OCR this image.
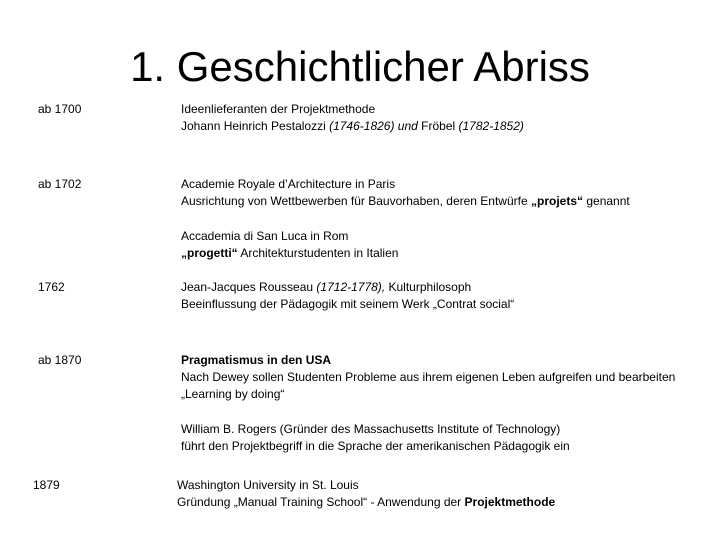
1. Geschichtlicher Abriss
ab 1700	Ideenlieferanten der Projektmethode
Johann Heinrich Pestalozzi (1746-1826) und Fröbel (1782-1852)
ab 1702	Academie Royale d’Architecture in Paris
Ausrichtung von Wettbewerben für Bauvorhaben, deren Entwürfe „projets“ genannt
Accademia di San Luca in Rom
„progetti“ Architekturstudenten in Italien
1762	Jean-Jacques Rousseau (1712-1778), Kulturphilosoph
Beeinflussung der Pädagogik mit seinem Werk „Contrat social“
ab 1870	Pragmatismus in den USA
Nach Dewey sollen Studenten Probleme aus ihrem eigenen Leben aufgreifen und bearbeiten
„Learning by doing“
William B. Rogers (Gründer des Massachusetts Institute of Technology)
führt den Projektbegriff in die Sprache der amerikanischen Pädagogik ein
1879	Washington University in St. Louis
Gründung „Manual Training School“ - Anwendung der Projektmethode
